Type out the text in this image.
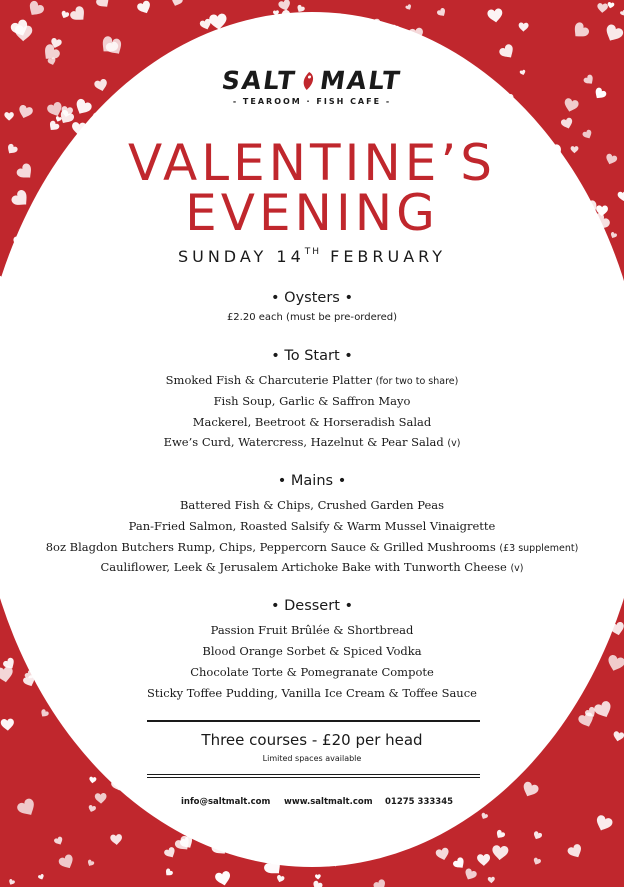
SALT MALT
- TEAROOM · FISH CAFE -
VALENTINE’S
EVENING
SUNDAY 14TH FEBRUARY
• Oysters •
£2.20 each (must be pre-ordered)
• To Start •
Smoked Fish & Charcuterie Platter (for two to share)
Fish Soup, Garlic & Saffron Mayo
Mackerel, Beetroot & Horseradish Salad
Ewe’s Curd, Watercress, Hazelnut & Pear Salad (v)
• Mains •
Battered Fish & Chips, Crushed Garden Peas
Pan-Fried Salmon, Roasted Salsify & Warm Mussel Vinaigrette
8oz Blagdon Butchers Rump, Chips, Peppercorn Sauce & Grilled Mushrooms (£3 supplement)
Cauliflower, Leek & Jerusalem Artichoke Bake with Tunworth Cheese (v)
• Dessert •
Passion Fruit Brûlée & Shortbread
Blood Orange Sorbet & Spiced Vodka
Chocolate Torte & Pomegranate Compote
Sticky Toffee Pudding, Vanilla Ice Cream & Toffee Sauce
Three courses - £20 per head
Limited spaces available
info@saltmalt.com www.saltmalt.com 01275 333345
